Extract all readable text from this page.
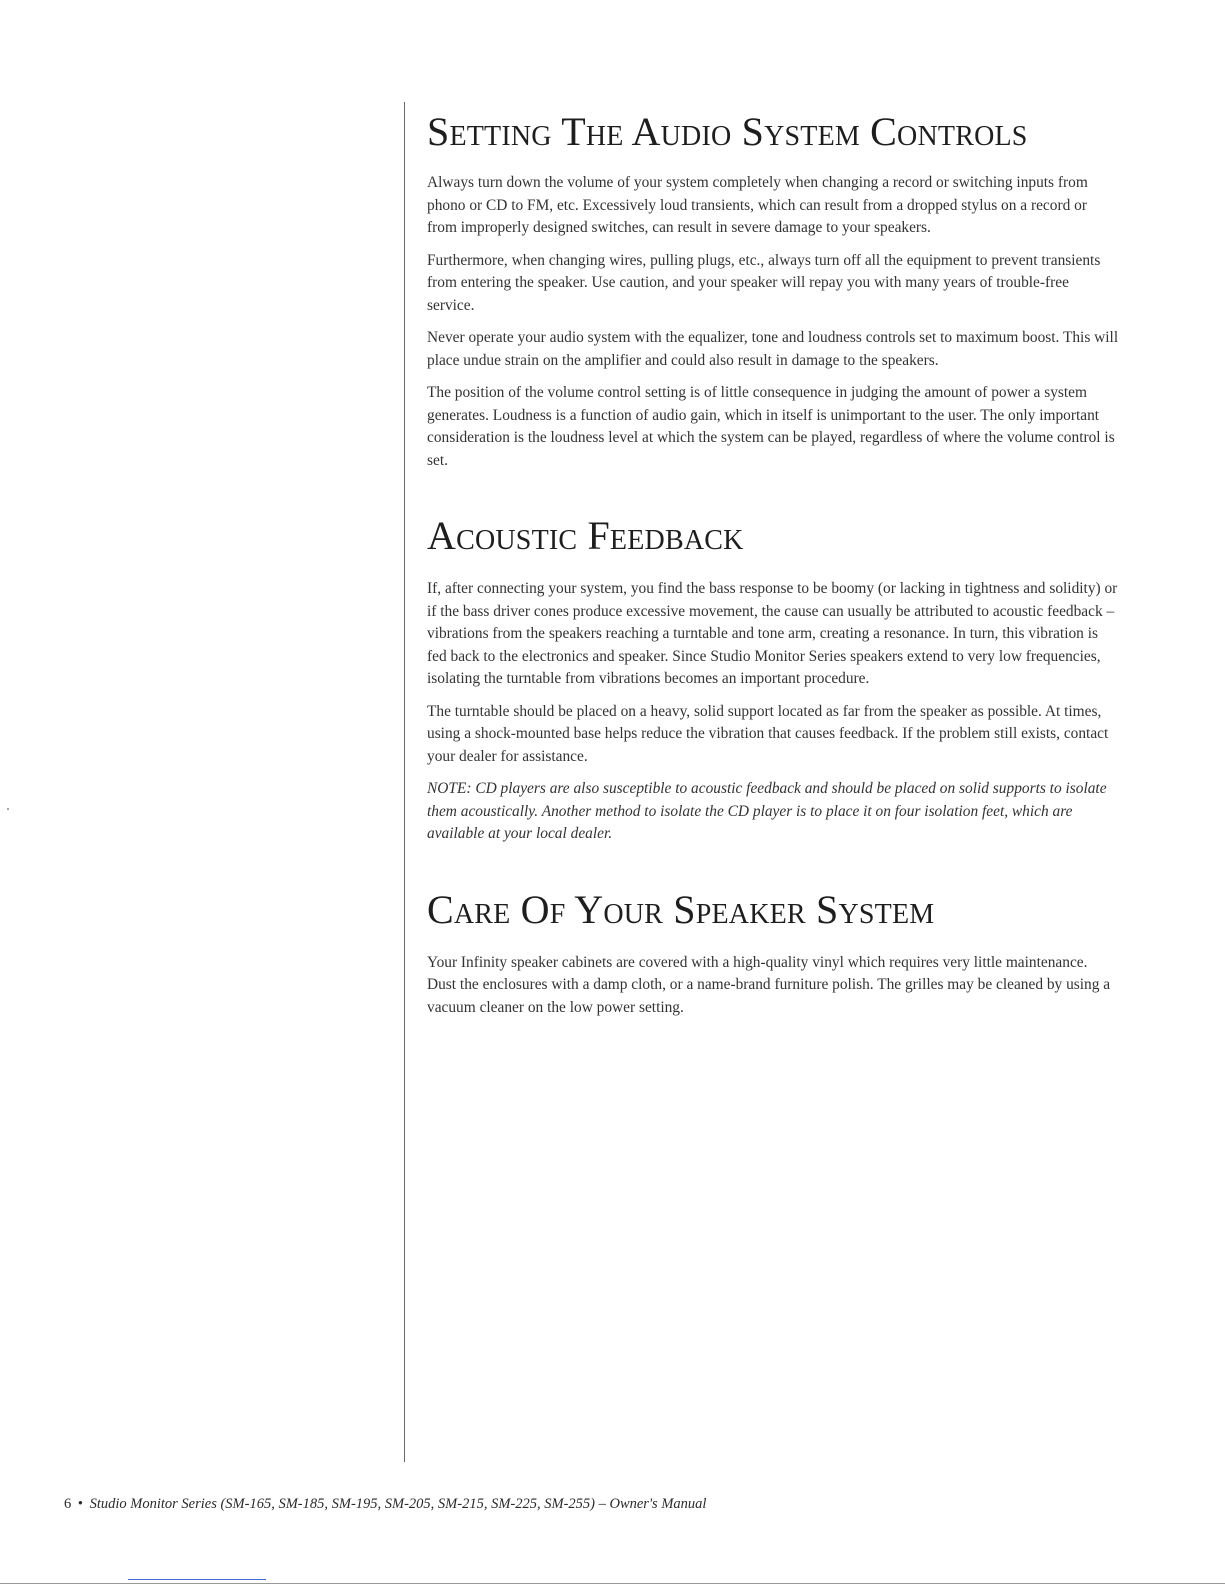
Setting The Audio System Controls

Always turn down the volume of your system completely when changing a record or switching inputs from phono or CD to FM, etc. Excessively loud transients, which can result from a dropped stylus on a record or from improperly designed switches, can result in severe damage to your speakers.

Furthermore, when changing wires, pulling plugs, etc., always turn off all the equipment to prevent transients from entering the speaker. Use caution, and your speaker will repay you with many years of trouble-free service.

Never operate your audio system with the equalizer, tone and loudness controls set to maximum boost. This will place undue strain on the amplifier and could also result in damage to the speakers.

The position of the volume control setting is of little consequence in judging the amount of power a system generates. Loudness is a function of audio gain, which in itself is unimportant to the user. The only important consideration is the loudness level at which the system can be played, regardless of where the volume control is set.

Acoustic Feedback

If, after connecting your system, you find the bass response to be boomy (or lacking in tightness and solidity) or if the bass driver cones produce excessive movement, the cause can usually be attributed to acoustic feedback – vibrations from the speakers reaching a turntable and tone arm, creating a resonance. In turn, this vibration is fed back to the electronics and speaker. Since Studio Monitor Series speakers extend to very low frequencies, isolating the turntable from vibrations becomes an important procedure.

The turntable should be placed on a heavy, solid support located as far from the speaker as possible. At times, using a shock-mounted base helps reduce the vibration that causes feedback. If the problem still exists, contact your dealer for assistance.

NOTE: CD players are also susceptible to acoustic feedback and should be placed on solid supports to isolate them acoustically. Another method to isolate the CD player is to place it on four isolation feet, which are available at your local dealer.

Care Of Your Speaker System

Your Infinity speaker cabinets are covered with a high-quality vinyl which requires very little maintenance. Dust the enclosures with a damp cloth, or a name-brand furniture polish. The grilles may be cleaned by using a vacuum cleaner on the low power setting.

6 • Studio Monitor Series (SM-165, SM-185, SM-195, SM-205, SM-215, SM-225, SM-255) – Owner's Manual
